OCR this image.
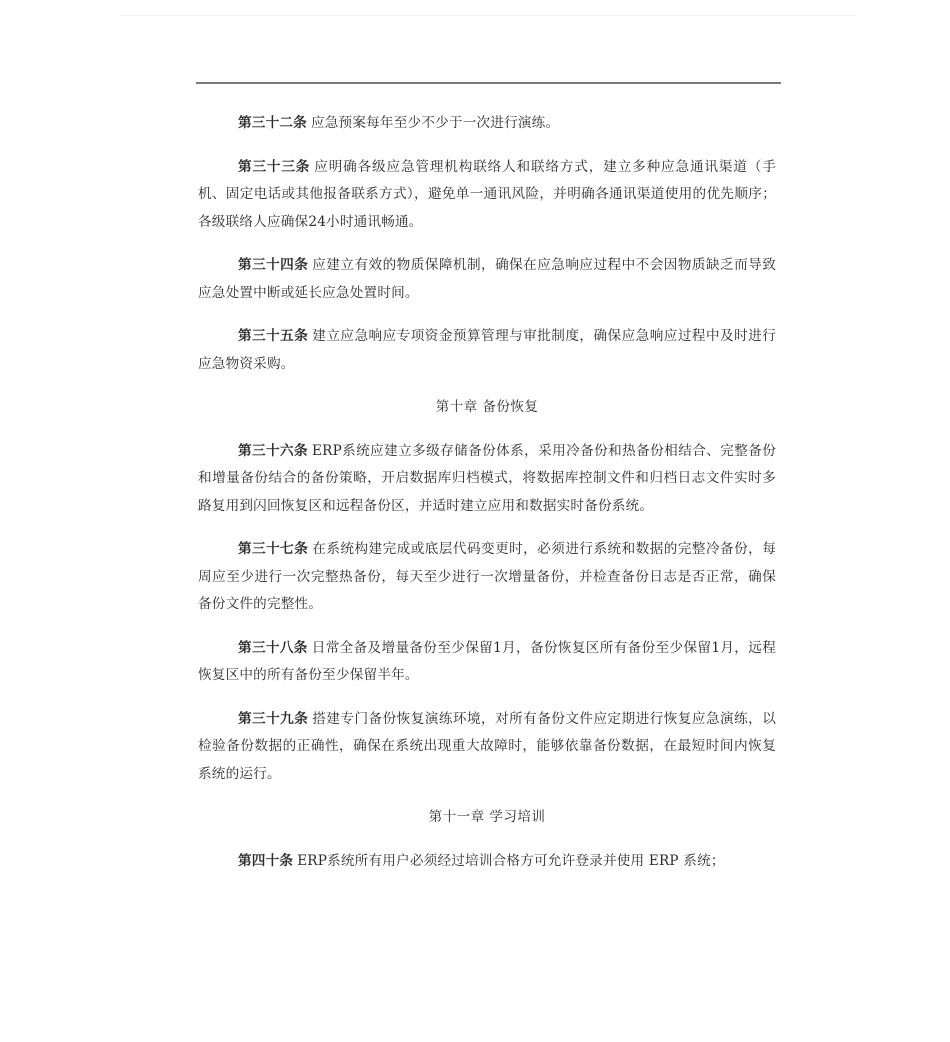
第三十二条 应急预案每年至少不少于一次进行演练。

第三十三条 应明确各级应急管理机构联络人和联络方式，建立多种应急通讯渠道（手机、固定电话或其他报备联系方式），避免单一通讯风险，并明确各通讯渠道使用的优先顺序；各级联络人应确保24小时通讯畅通。

第三十四条 应建立有效的物质保障机制，确保在应急响应过程中不会因物质缺乏而导致应急处置中断或延长应急处置时间。

第三十五条 建立应急响应专项资金预算管理与审批制度，确保应急响应过程中及时进行应急物资采购。

第十章 备份恢复

第三十六条 ERP系统应建立多级存储备份体系，采用冷备份和热备份相结合、完整备份和增量备份结合的备份策略，开启数据库归档模式，将数据库控制文件和归档日志文件实时多路复用到闪回恢复区和远程备份区，并适时建立应用和数据实时备份系统。

第三十七条 在系统构建完成或底层代码变更时，必须进行系统和数据的完整冷备份，每周应至少进行一次完整热备份，每天至少进行一次增量备份，并检查备份日志是否正常，确保备份文件的完整性。

第三十八条 日常全备及增量备份至少保留1月，备份恢复区所有备份至少保留1月，远程恢复区中的所有备份至少保留半年。

第三十九条 搭建专门备份恢复演练环境，对所有备份文件应定期进行恢复应急演练，以检验备份数据的正确性，确保在系统出现重大故障时，能够依靠备份数据，在最短时间内恢复系统的运行。

第十一章 学习培训

第四十条 ERP系统所有用户必须经过培训合格方可允许登录并使用 ERP 系统；
